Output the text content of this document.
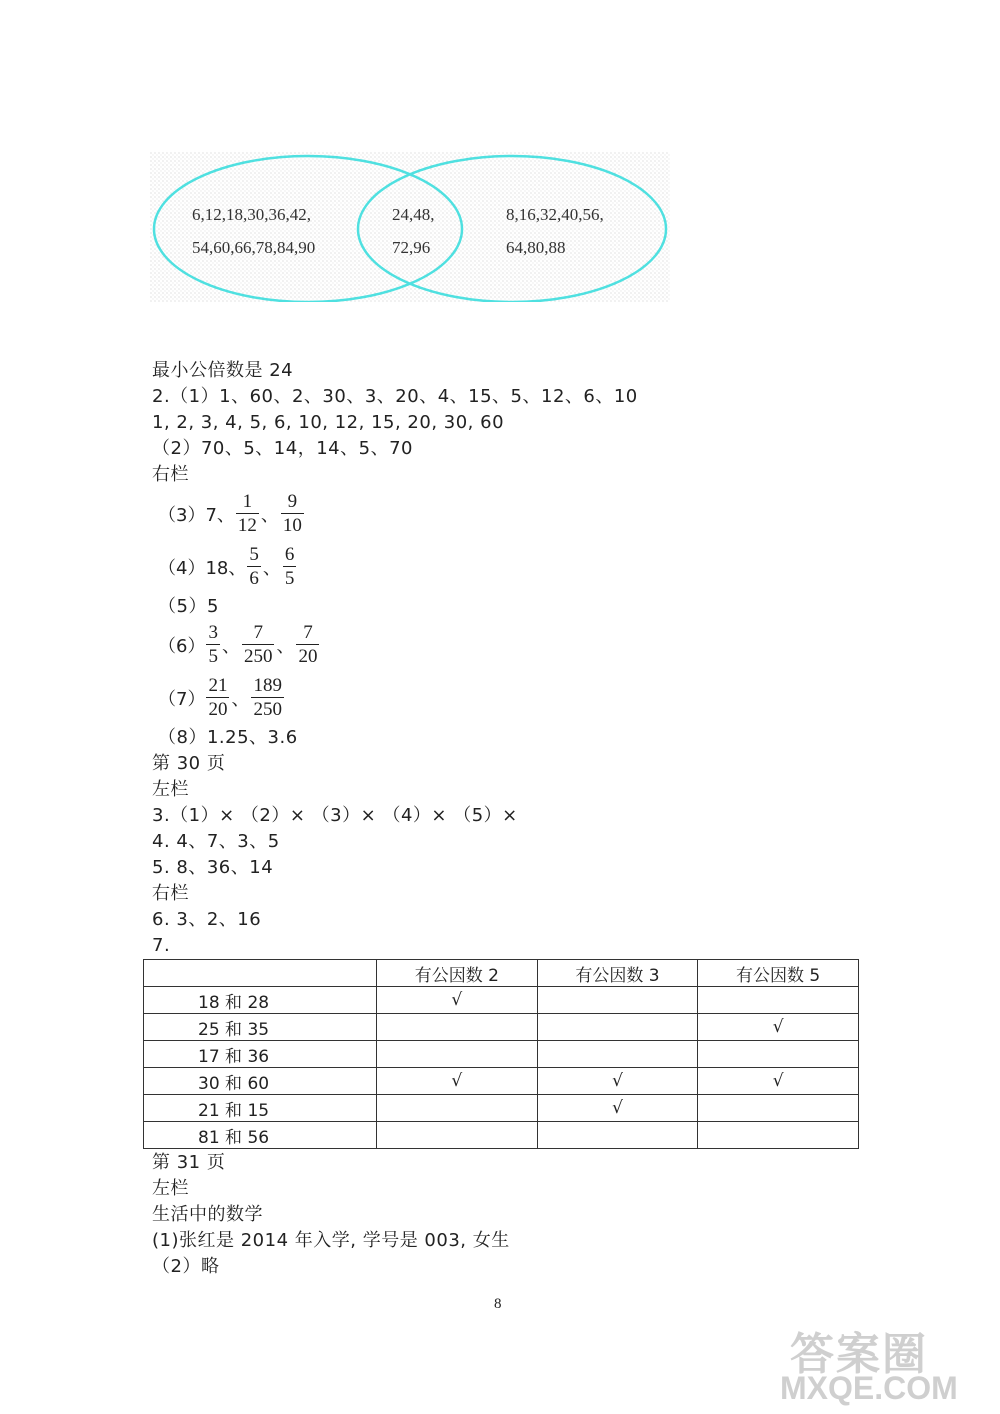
6,12,18,30,36,42,
54,60,66,78,84,90
24,48,
72,96
8,16,32,40,56,
64,80,88
最小公倍数是 24
2.（1）1、60、2、30、3、20、4、15、5、12、6、10
1, 2, 3, 4, 5, 6, 10, 12, 15, 20, 30, 60
（2）70、5、14，14、5、70
右栏
（3）7、 $\frac{1}{12}$ 、 $\frac{9}{10}$
（4）18、 $\frac{5}{6}$ 、 $\frac{6}{5}$
（5）5
$(6) \frac{3}{5}$ 、 $\frac{7}{250}$ 、 $\frac{7}{20}$
$(7) \frac{21}{20}$ 、 $\frac{189}{250}$
（8）1.25、3.6
第 30 页
左栏
3.（1）× （2）× （3）× （4）× （5）×
4. 4、7、3、5
5. 8、36、14
右栏
6. 3、2、16
7.
	有公因数 2	有公因数 3	有公因数 5
18 和 28	√		
25 和 35			√
17 和 36			
30 和 60	√	√	√
21 和 15		√	
81 和 56			
第 31 页
左栏
生活中的数学
(1)张红是 2014 年入学, 学号是 003, 女生
（2）略
8
答案圈
MXQE.COM
